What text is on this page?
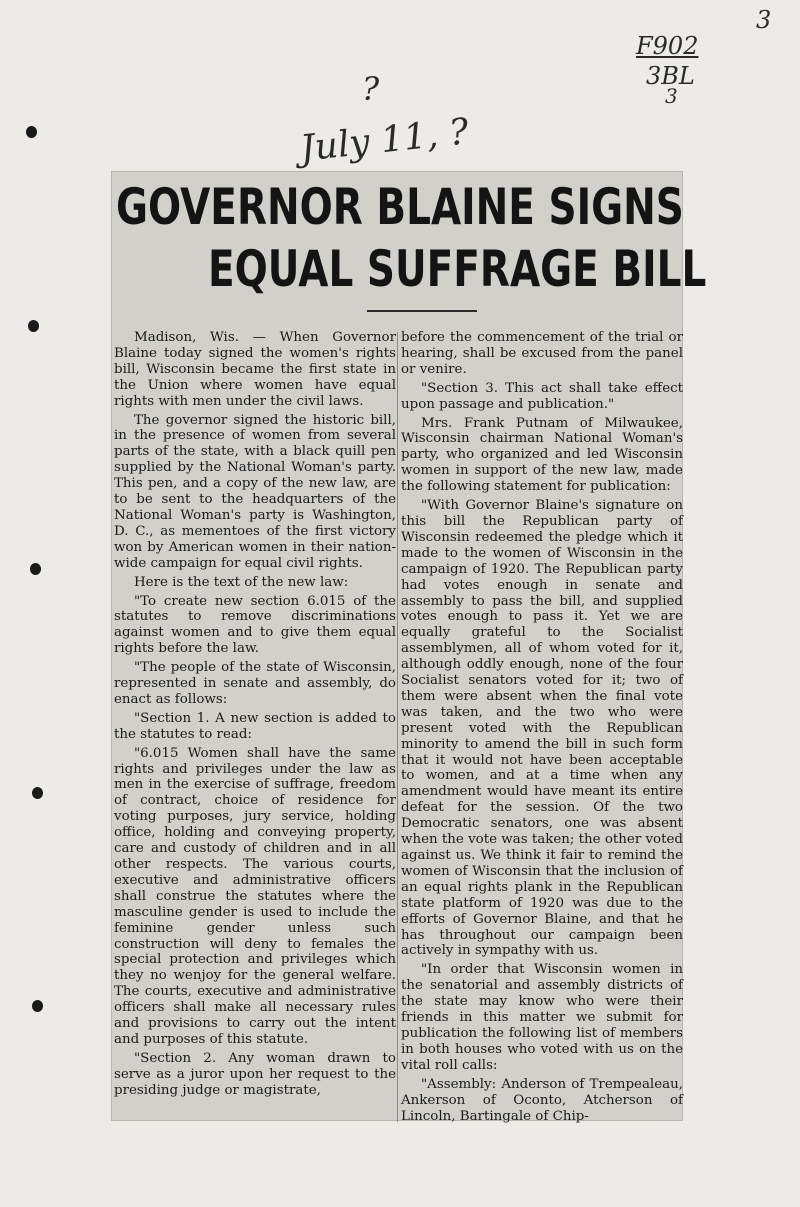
3
F902
3BL
3
?
July 11, ?
GOVERNOR BLAINE SIGNS
EQUAL SUFFRAGE BILL

Madison, Wis. — When Governor Blaine today signed the women's rights bill, Wisconsin became the first state in the Union where women have equal rights with men under the civil laws.

The governor signed the historic bill, in the presence of women from several parts of the state, with a black quill pen supplied by the National Woman's party. This pen, and a copy of the new law, are to be sent to the headquarters of the National Woman's party is Washington, D. C., as mementoes of the first victory won by American women in their nation-wide campaign for equal civil rights.

Here is the text of the new law:

"To create new section 6.015 of the statutes to remove discriminations against women and to give them equal rights before the law.

"The people of the state of Wisconsin, represented in senate and assembly, do enact as follows:

"Section 1. A new section is added to the statutes to read:

"6.015 Women shall have the same rights and privileges under the law as men in the exercise of suffrage, freedom of contract, choice of residence for voting purposes, jury service, holding office, holding and conveying property, care and custody of children and in all other respects. The various courts, executive and administrative officers shall construe the statutes where the masculine gender is used to include the feminine gender unless such construction will deny to females the special protection and privileges which they no wenjoy for the general welfare. The courts, executive and administrative officers shall make all necessary rules and provisions to carry out the intent and purposes of this statute.

"Section 2. Any woman drawn to serve as a juror upon her request to the presiding judge or magistrate,

before the commencement of the trial or hearing, shall be excused from the panel or venire.

"Section 3. This act shall take effect upon passage and publication."

Mrs. Frank Putnam of Milwaukee, Wisconsin chairman National Woman's party, who organized and led Wisconsin women in support of the new law, made the following statement for publication:

"With Governor Blaine's signature on this bill the Republican party of Wisconsin redeemed the pledge which it made to the women of Wisconsin in the campaign of 1920. The Republican party had votes enough in senate and assembly to pass the bill, and supplied votes enough to pass it. Yet we are equally grateful to the Socialist assemblymen, all of whom voted for it, although oddly enough, none of the four Socialist senators voted for it; two of them were absent when the final vote was taken, and the two who were present voted with the Republican minority to amend the bill in such form that it would not have been acceptable to women, and at a time when any amendment would have meant its entire defeat for the session. Of the two Democratic senators, one was absent when the vote was taken; the other voted against us. We think it fair to remind the women of Wisconsin that the inclusion of an equal rights plank in the Republican state platform of 1920 was due to the efforts of Governor Blaine, and that he has throughout our campaign been actively in sympathy with us.

"In order that Wisconsin women in the senatorial and assembly districts of the state may know who were their friends in this matter we submit for publication the following list of members in both houses who voted with us on the vital roll calls:

"Assembly: Anderson of Trempealeau, Ankerson of Oconto, Atcherson of Lincoln, Bartingale of Chip-
